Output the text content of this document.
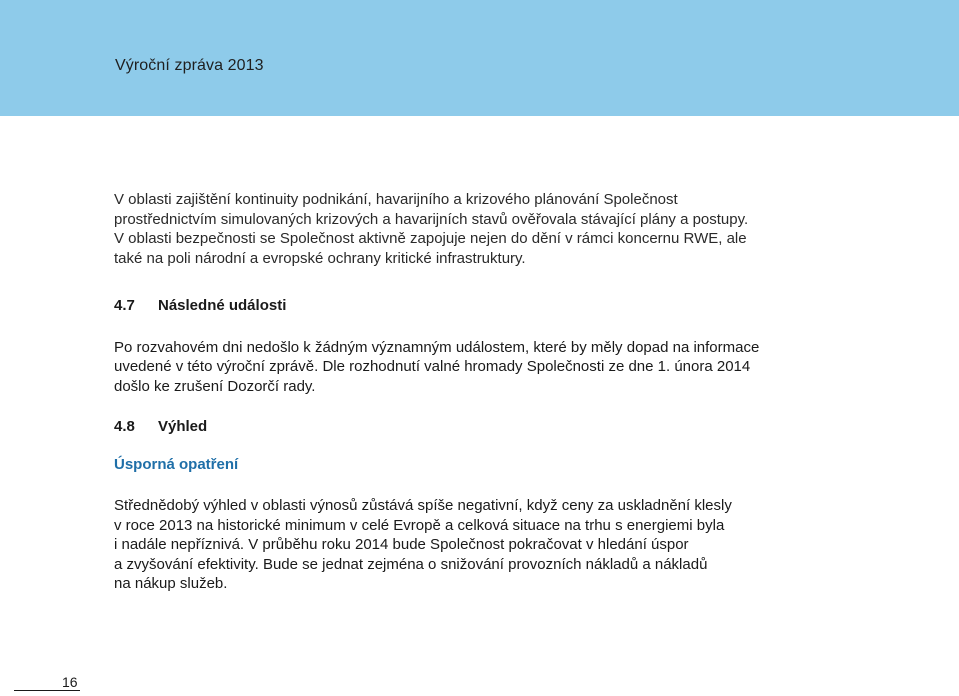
Výroční zpráva 2013

V oblasti zajištění kontinuity podnikání, havarijního a krizového plánování Společnost
prostřednictvím simulovaných krizových a havarijních stavů ověřovala stávající plány a postupy.
V oblasti bezpečnosti se Společnost aktivně zapojuje nejen do dění v rámci koncernu RWE, ale
také na poli národní a evropské ochrany kritické infrastruktury.

4.7 Následné události

Po rozvahovém dni nedošlo k žádným významným událostem, které by měly dopad na informace
uvedené v této výroční zprávě. Dle rozhodnutí valné hromady Společnosti ze dne 1. února 2014
došlo ke zrušení Dozorčí rady.

4.8 Výhled

Úsporná opatření

Střednědobý výhled v oblasti výnosů zůstává spíše negativní, když ceny za uskladnění klesly
v roce 2013 na historické minimum v celé Evropě a celková situace na trhu s energiemi byla
i nadále nepříznivá. V průběhu roku 2014 bude Společnost pokračovat v hledání úspor
a zvyšování efektivity. Bude se jednat zejména o snižování provozních nákladů a nákladů
na nákup služeb.

16
